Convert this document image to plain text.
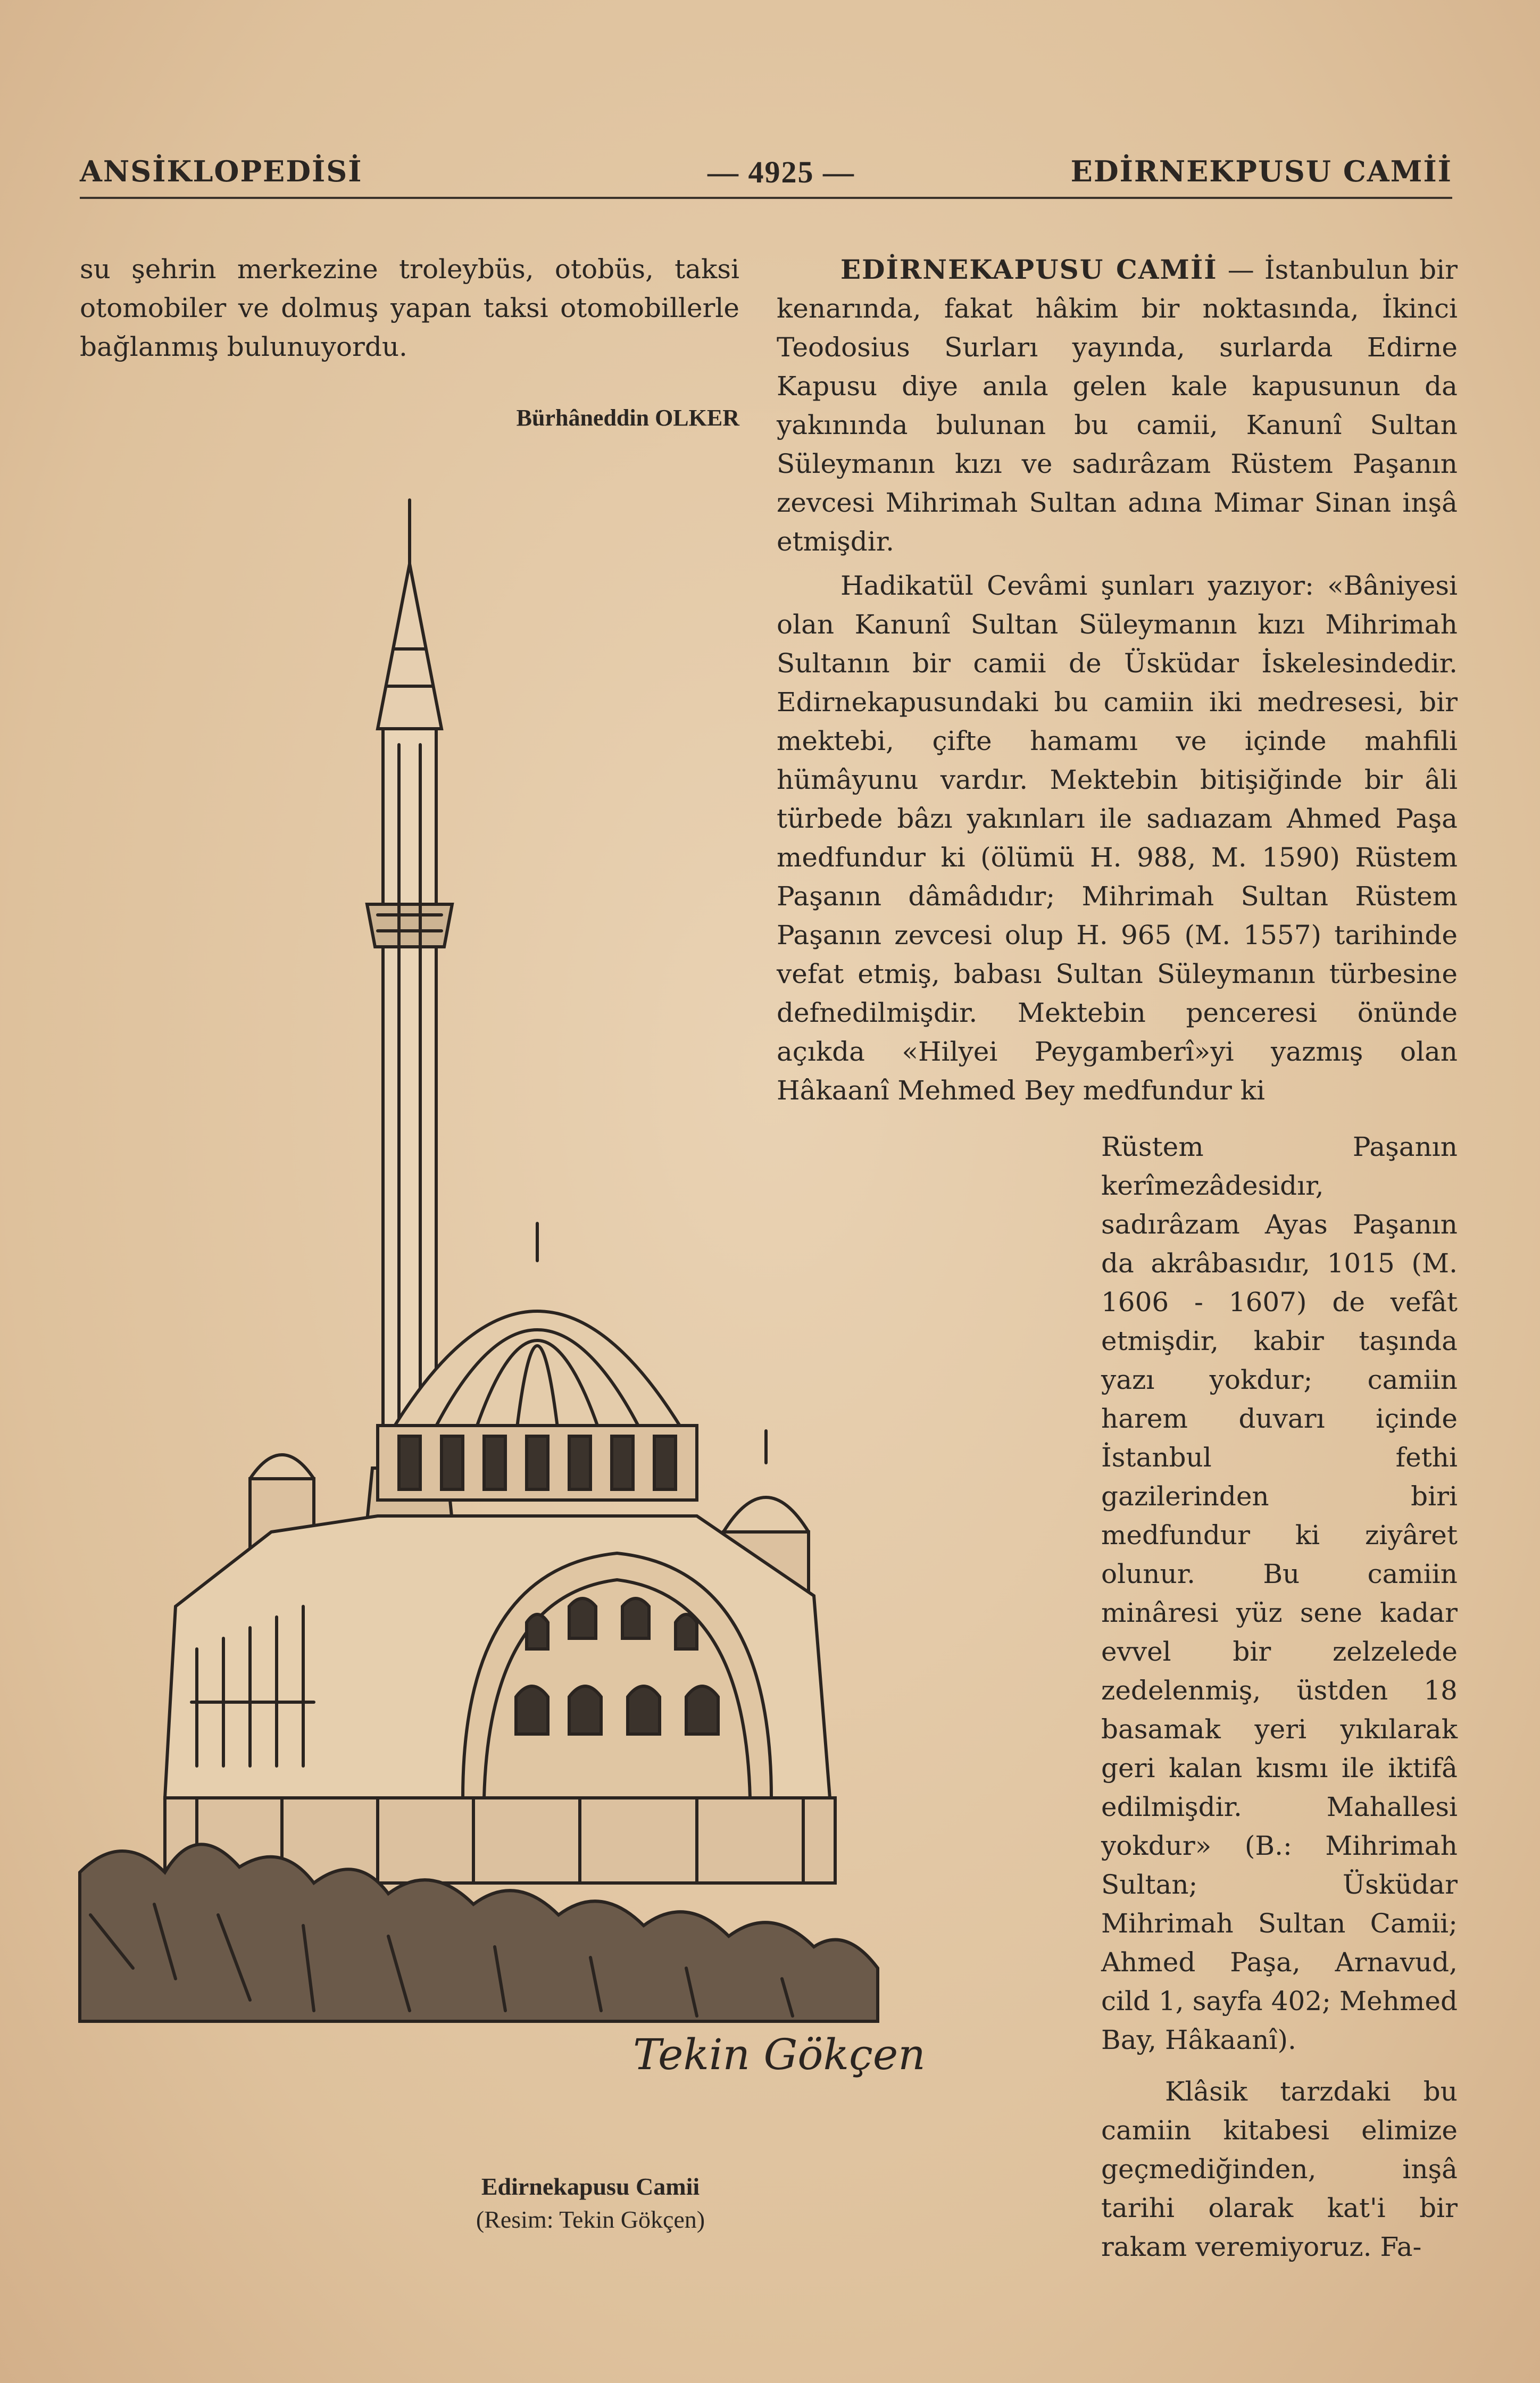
ANSİKLOPEDİSİ	— 4925 —	EDİRNEKPUSU CAMİİ

su şehrin merkezine troleybüs, otobüs, taksi otomobiler ve dolmuş yapan taksi otomobillerle bağlanmış bulunuyordu.

Bürhâneddin OLKER

EDİRNEKAPUSU CAMİİ — İstanbulun bir kenarında, fakat hâkim bir noktasında, İkinci Teodosius Surları yayında, surlarda Edirne Kapusu diye anıla gelen kale kapusunun da yakınında bulunan bu camii, Kanunî Sultan Süleymanın kızı ve sadırâzam Rüstem Paşanın zevcesi Mihrimah Sultan adına Mimar Sinan inşâ etmişdir.

Hadikatül Cevâmi şunları yazıyor: «Bâniyesi olan Kanunî Sultan Süleymanın kızı Mihrimah Sultanın bir camii de Üsküdar İskelesindedir. Edirnekapusundaki bu camiin iki medresesi, bir mektebi, çifte hamamı ve içinde mahfili hümâyunu vardır. Mektebin bitişiğinde bir âli türbede bâzı yakınları ile sadıazam Ahmed Paşa medfundur ki (ölümü H. 988, M. 1590) Rüstem Paşanın dâmâdıdır; Mihrimah Sultan Rüstem Paşanın zevcesi olup H. 965 (M. 1557) tarihinde vefat etmiş, babası Sultan Süleymanın türbesine defnedilmişdir. Mektebin penceresi önünde açıkda «Hilyei Peygamberî»yi yazmış olan Hâkaanî Mehmed Bey medfundur ki

Rüstem Paşanın kerîmezâdesidır, sadırâzam Ayas Paşanın da akrâbasıdır, 1015 (M. 1606 - 1607) de vefât etmişdir, kabir taşında yazı yokdur; camiin harem duvarı içinde İstanbul fethi gazilerinden biri medfundur ki ziyâret olunur. Bu camiin minâresi yüz sene kadar evvel bir zelzelede zedelenmiş, üstden 18 basamak yeri yıkılarak geri kalan kısmı ile iktifâ edilmişdir. Mahallesi yokdur» (B.: Mihrimah Sultan; Üsküdar Mihrimah Sultan Camii; Ahmed Paşa, Arnavud, cild 1, sayfa 402; Mehmed Bay, Hâkaanî).

Klâsik tarzdaki bu camiin kitabesi elimize geçmediğinden, inşâ tarihi olarak kat'i bir rakam veremiyoruz. Fa-

Tekin Gökçen
Edirnekapusu Camii
(Resim: Tekin Gökçen)
